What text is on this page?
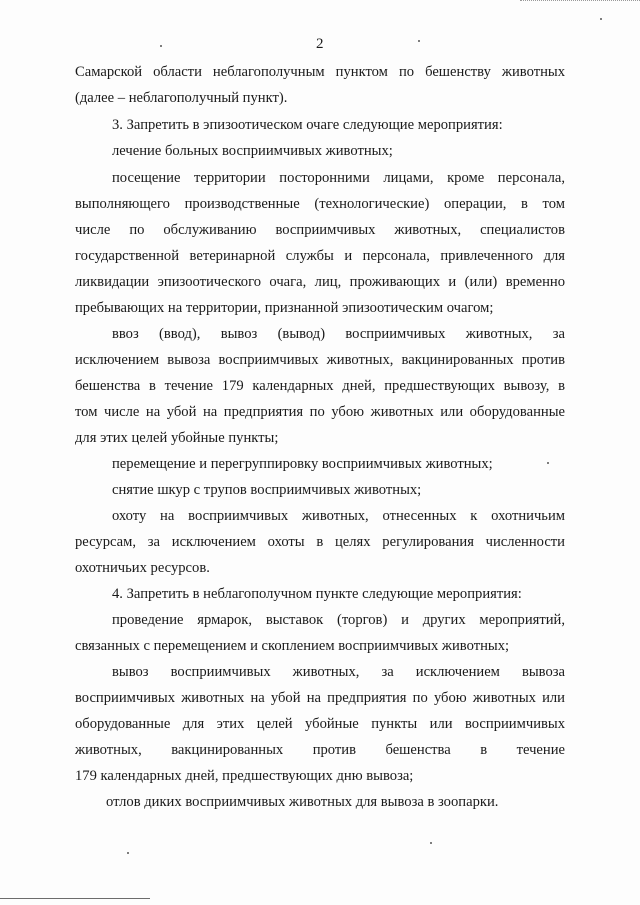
2
Самарской области неблагополучным пунктом по бешенству животных
(далее – неблагополучный пункт).
3. Запретить в эпизоотическом очаге следующие мероприятия:
лечение больных восприимчивых животных;
посещение территории посторонними лицами, кроме персонала,
выполняющего производственные (технологические) операции, в том
числе по обслуживанию восприимчивых животных, специалистов
государственной ветеринарной службы и персонала, привлеченного для
ликвидации эпизоотического очага, лиц, проживающих и (или) временно
пребывающих на территории, признанной эпизоотическим очагом;
ввоз (ввод), вывоз (вывод) восприимчивых животных, за
исключением вывоза восприимчивых животных, вакцинированных против
бешенства в течение 179 календарных дней, предшествующих вывозу, в
том числе на убой на предприятия по убою животных или оборудованные
для этих целей убойные пункты;
перемещение и перегруппировку восприимчивых животных;
снятие шкур с трупов восприимчивых животных;
охоту на восприимчивых животных, отнесенных к охотничьим
ресурсам, за исключением охоты в целях регулирования численности
охотничьих ресурсов.
4. Запретить в неблагополучном пункте следующие мероприятия:
проведение ярмарок, выставок (торгов) и других мероприятий,
связанных с перемещением и скоплением восприимчивых животных;
вывоз восприимчивых животных, за исключением вывоза
восприимчивых животных на убой на предприятия по убою животных или
оборудованные для этих целей убойные пункты или восприимчивых
животных, вакцинированных против бешенства в течение
179 календарных дней, предшествующих дню вывоза;
отлов диких восприимчивых животных для вывоза в зоопарки.
